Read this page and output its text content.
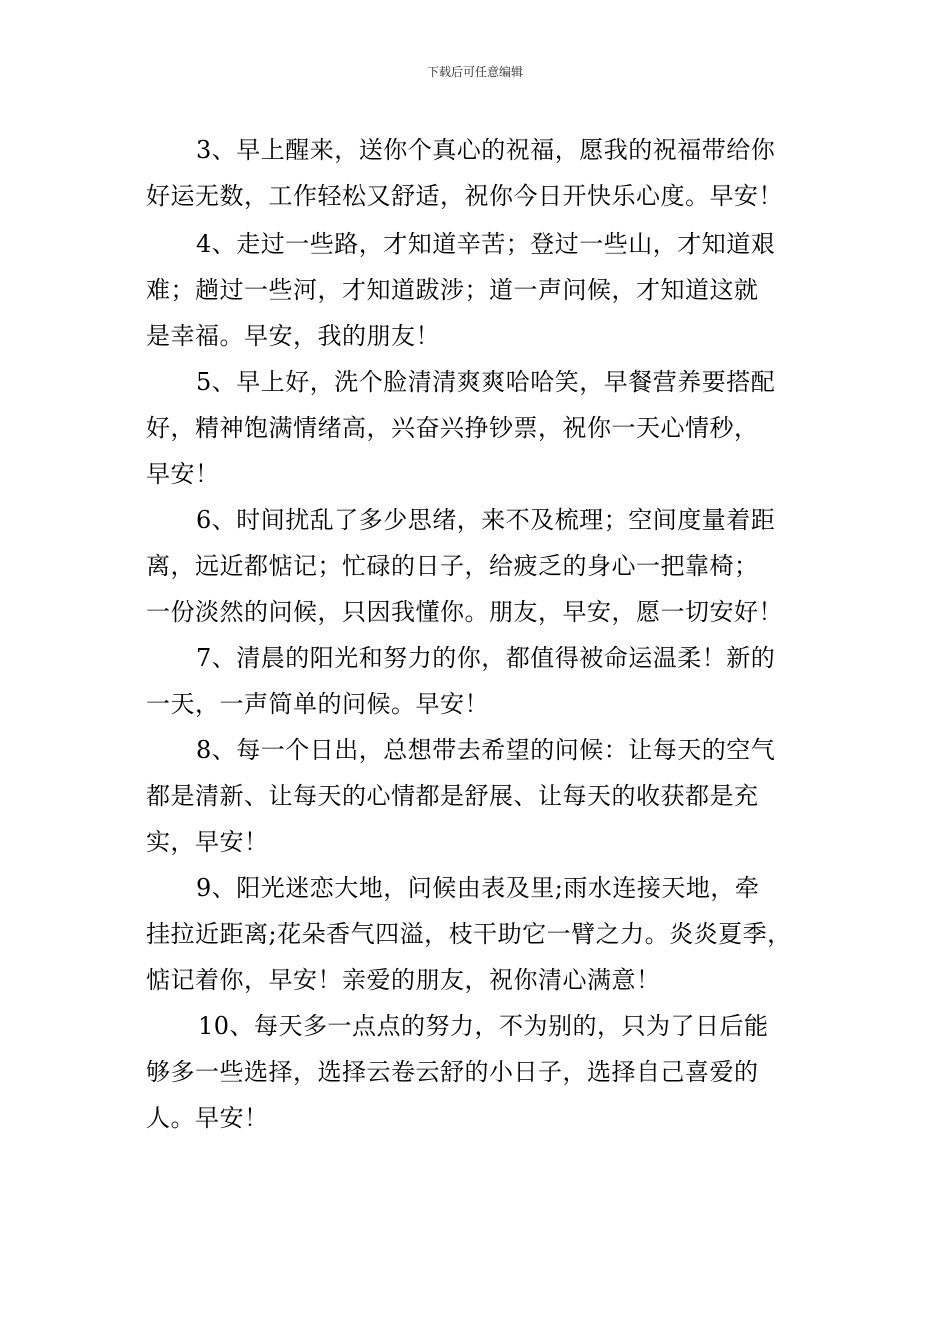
下载后可任意编辑

3、早上醒来，送你个真心的祝福，愿我的祝福带给你
好运无数，工作轻松又舒适，祝你今日开快乐心度。早安！

4、走过一些路，才知道辛苦；登过一些山，才知道艰
难；趟过一些河，才知道跋涉；道一声问候，才知道这就
是幸福。早安，我的朋友！

5、早上好，洗个脸清清爽爽哈哈笑，早餐营养要搭配
好，精神饱满情绪高，兴奋兴挣钞票，祝你一天心情秒，
早安！

6、时间扰乱了多少思绪，来不及梳理；空间度量着距
离，远近都惦记；忙碌的日子，给疲乏的身心一把靠椅；
一份淡然的问候，只因我懂你。朋友，早安，愿一切安好！

7、清晨的阳光和努力的你，都值得被命运温柔！新的
一天，一声简单的问候。早安！

8、每一个日出，总想带去希望的问候：让每天的空气
都是清新、让每天的心情都是舒展、让每天的收获都是充
实，早安！

9、阳光迷恋大地，问候由表及里;雨水连接天地，牵
挂拉近距离;花朵香气四溢，枝干助它一臂之力。炎炎夏季，
惦记着你，早安！亲爱的朋友，祝你清心满意！

10、每天多一点点的努力，不为别的，只为了日后能
够多一些选择，选择云卷云舒的小日子，选择自己喜爱的
人。早安！
